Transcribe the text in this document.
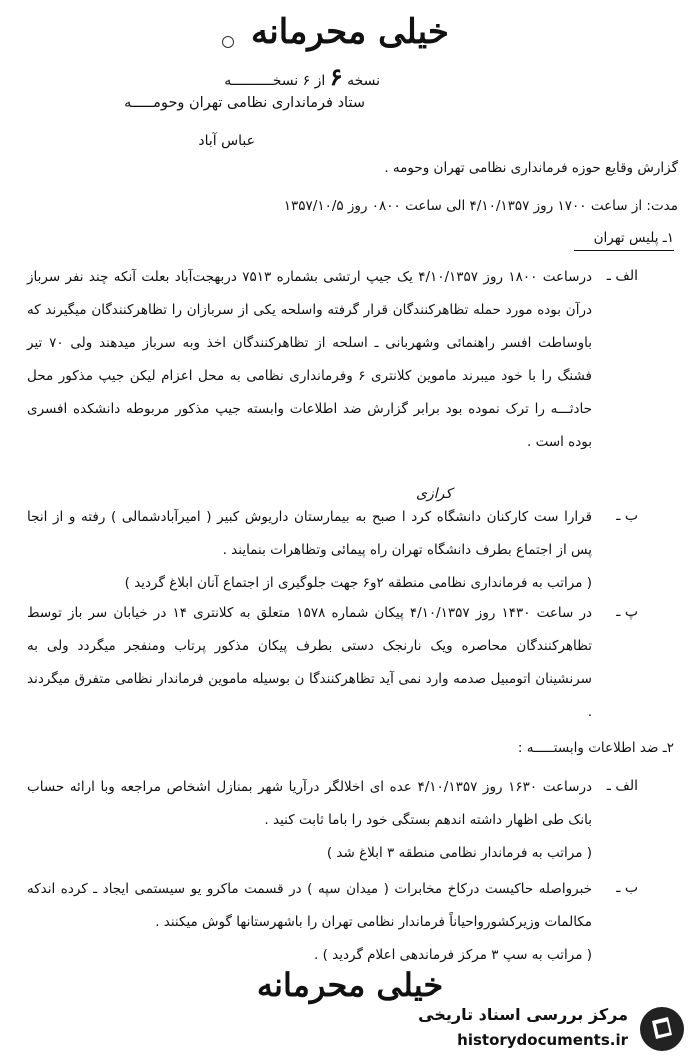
خیلی محرمانه
نسخه ۶ از ۶ نسخــــــــــه
ستاد فرمانداری نظامی تهران وحومـــــه
عباس آباد
گزارش وقایع حوزه فرمانداری نظامی تهران وحومه .
مدت: از ساعت ۱۷۰۰ روز ۴/۱۰/۱۳۵۷ الی ساعت ۰۸۰۰ روز ۱۳۵۷/۱۰/۵
۱ـ پلیس تهران
الف ـ

درساعت ۱۸۰۰ روز ۴/۱۰/۱۳۵۷ یک جیپ ارتشی بشماره ۷۵۱۳ دربهجت‌آباد بعلت آنکه چند نفر سرباز درآن بوده مورد حمله تظاهرکنندگان قرار گرفته واسلحه یکی از سربازان را تظاهرکنندگان میگیرند که باوساطت افسر راهنمائی وشهربانی ـ اسلحه از تظاهرکنندگان اخذ وبه سرباز میدهند ولی ۷۰ تیر فشنگ را با خود میبرند ماموین کلانتری ۶ وفرمانداری نظامی به محل اعزام لیکن جیپ مذکور محل حادثـــه را ترک نموده بود برابر گزارش ضد اطلاعات وابسته جیپ مذکور مربوطه دانشکده افسری بوده است .

کرازی
ب ـ

قرارا ست کارکنان دانشگاه کرد ا صبح به بیمارستان داریوش کبیر ( امیرآبادشمالی ) رفته و از انجا پس از اجتماع بطرف دانشگاه تهران راه پیمائی وتظاهرات بنمایند .

( مراتب به فرمانداری نظامی منطقه ۲و۶ جهت جلوگیری از اجتماع آنان ابلاغ گردید )

پ ـ

در ساعت ۱۴۳۰ روز ۴/۱۰/۱۳۵۷ پیکان شماره ۱۵۷۸ متعلق به کلانتری ۱۴ در خیابان سر باز توسط تظاهرکنندگان محاصره ویک نارنجک دستی بطرف پیکان مذکور پرتاب ومنفجر میگردد ولی به سرنشینان اتومبیل صدمه وارد نمی آید تظاهرکنندگا ن بوسیله ماموین فرماندار نظامی متفرق میگردند .

۲ـ ضد اطلاعات وابستـــــه :
الف ـ

درساعت ۱۶۳۰ روز ۴/۱۰/۱۳۵۷ عده ای اخلالگر درآریا شهر بمنازل اشخاص مراجعه وبا ارائه حساب بانک طی اظهار داشته اندهم بستگی خود را باما ثابت کنید .

( مراتب به فرماندار نظامی منطقه ۳ ابلاغ شد )

ب ـ

خبرواصله حاکیست درکاخ مخابرات ( میدان سپه ) در قسمت ماکرو یو سیستمی ایجاد ـ کرده اندکه مکالمات وزیرکشورواحیاناً فرماندار نظامی تهران را باشهرستانها گوش میکنند .

( مراتب به سپ ۳ مرکز فرماندهی اعلام گردید ) .

خیلی محرمانه
مرکز بررسی اسناد تاریخی
historydocuments.ir
